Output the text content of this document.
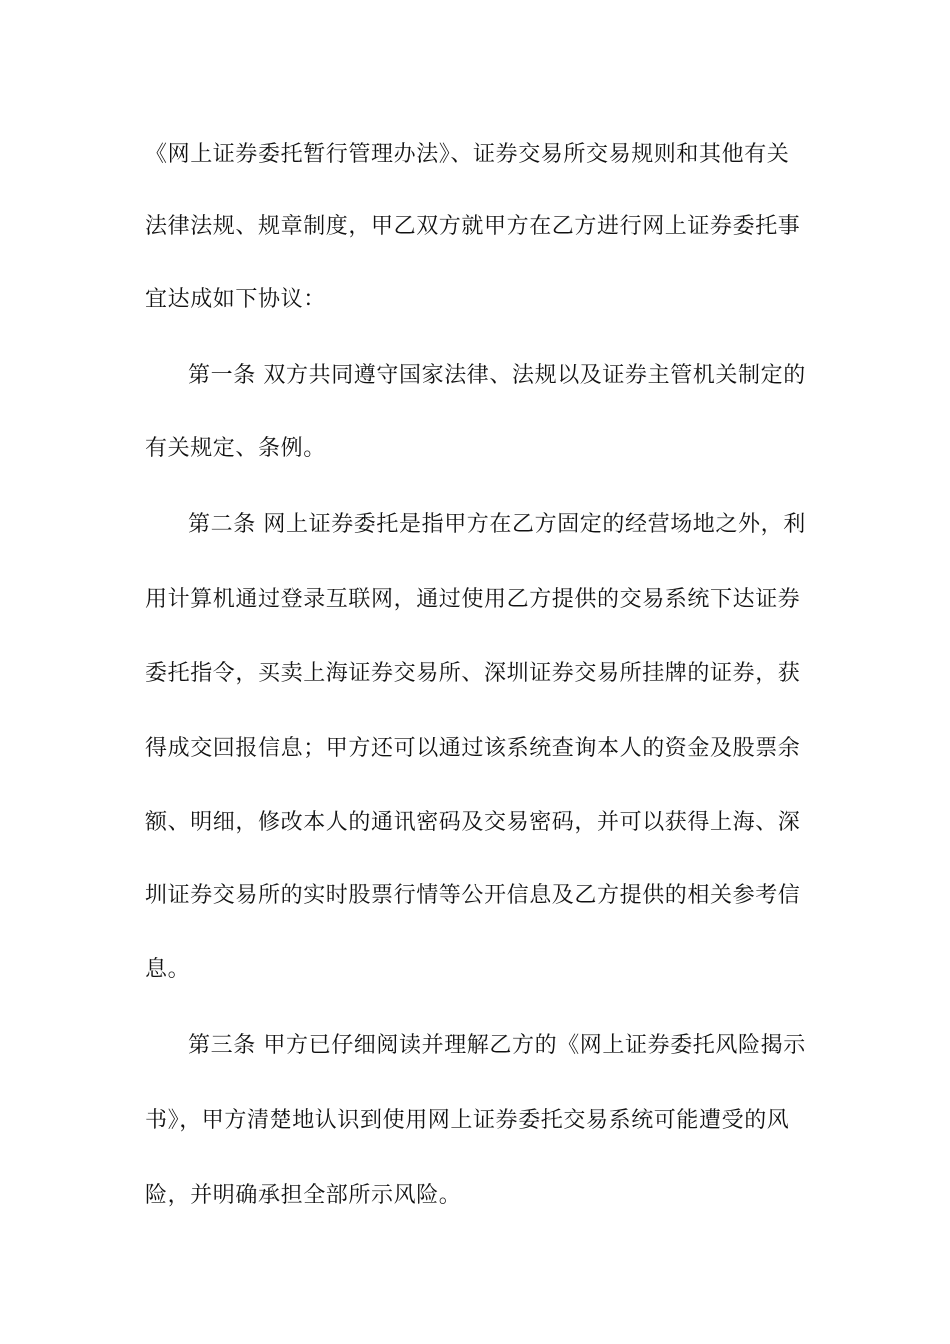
《网上证券委托暂行管理办法》、证券交易所交易规则和其他有关
法律法规、规章制度，甲乙双方就甲方在乙方进行网上证券委托事
宜达成如下协议：
第一条 双方共同遵守国家法律、法规以及证券主管机关制定的
有关规定、条例。
第二条 网上证券委托是指甲方在乙方固定的经营场地之外，利
用计算机通过登录互联网，通过使用乙方提供的交易系统下达证券
委托指令，买卖上海证券交易所、深圳证券交易所挂牌的证券，获
得成交回报信息；甲方还可以通过该系统查询本人的资金及股票余
额、明细，修改本人的通讯密码及交易密码，并可以获得上海、深
圳证券交易所的实时股票行情等公开信息及乙方提供的相关参考信
息。
第三条 甲方已仔细阅读并理解乙方的《网上证券委托风险揭示
书》，甲方清楚地认识到使用网上证券委托交易系统可能遭受的风
险，并明确承担全部所示风险。
